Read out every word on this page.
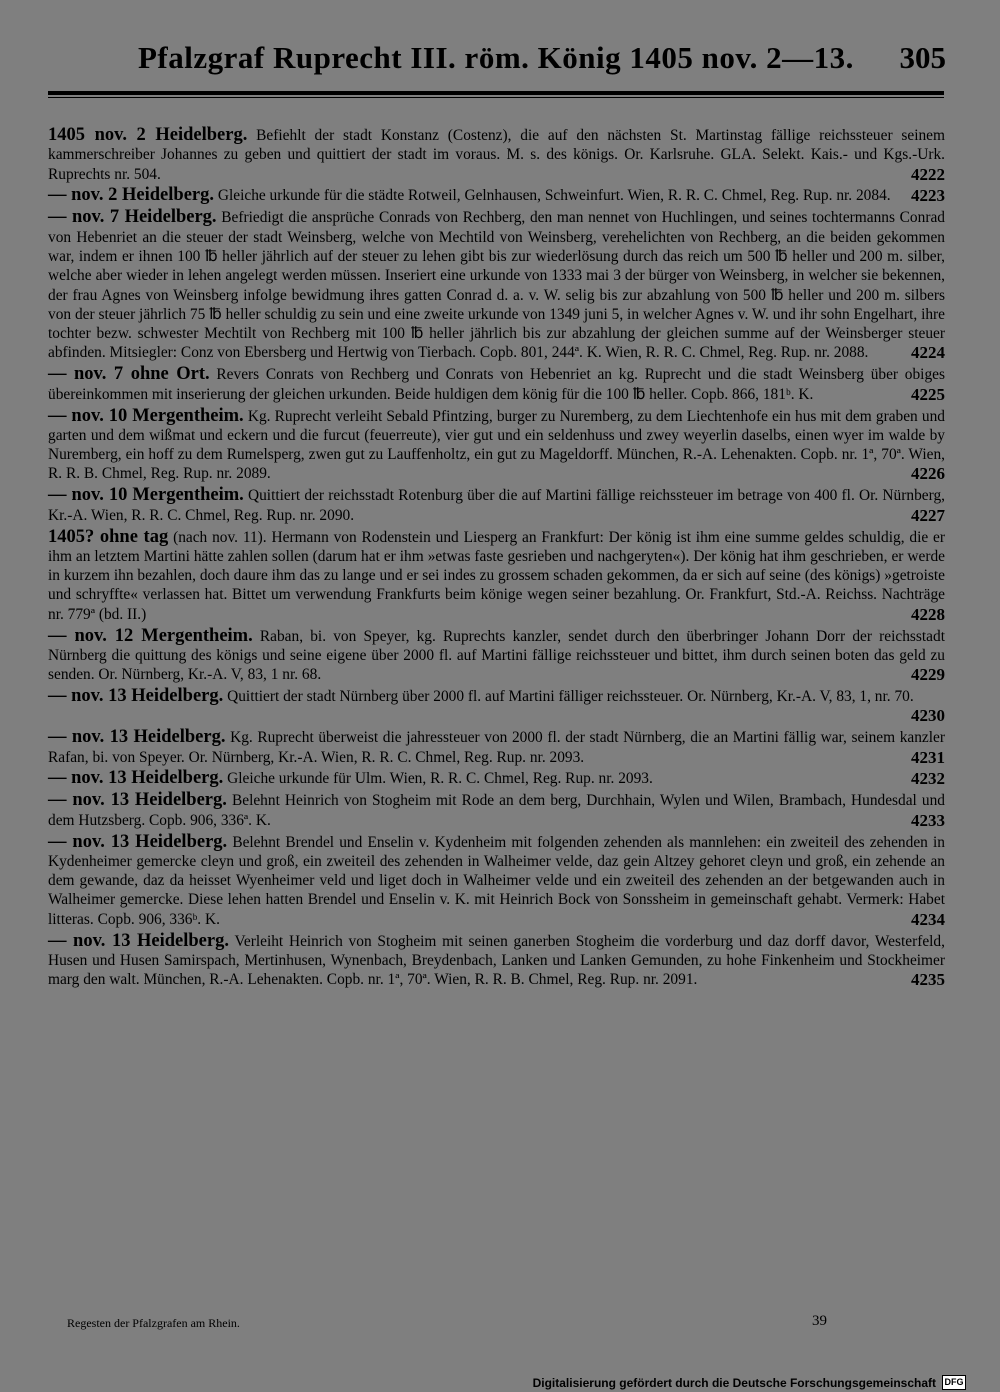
Pfalzgraf Ruprecht III. röm. König 1405 nov. 2—13. 305
1405 nov. 2 Heidelberg. Befiehlt der stadt Konstanz (Costenz), die auf den nächsten St. Martinstag fällige reichssteuer seinem kammerschreiber Johannes zu geben und quittiert der stadt im voraus. M. s. des königs. Or. Karlsruhe. GLA. Selekt. Kais.- und Kgs.-Urk. Ruprechts nr. 504.	4222
— nov. 2 Heidelberg. Gleiche urkunde für die städte Rotweil, Gelnhausen, Schweinfurt. Wien, R. R. C. Chmel, Reg. Rup. nr. 2084. 4223
— nov. 7 Heidelberg. Befriedigt die ansprüche Conrads von Rechberg, den man nennet von Huchlingen, und seines tochtermanns Conrad von Hebenriet an die steuer der stadt Weinsberg, welche von Mechtild von Weinsberg, verehelichten von Rechberg, an die beiden gekommen war, indem er ihnen 100 ℔ heller jährlich auf der steuer zu lehen gibt bis zur wiederlösung durch das reich um 500 ℔ heller und 200 m. silber, welche aber wieder in lehen angelegt werden müssen. Inseriert eine urkunde von 1333 mai 3 der bürger von Weinsberg, in welcher sie bekennen, der frau Agnes von Weinsberg infolge bewidmung ihres gatten Conrad d. a. v. W. selig bis zur abzahlung von 500 ℔ heller und 200 m. silbers von der steuer jährlich 75 ℔ heller schuldig zu sein und eine zweite urkunde von 1349 juni 5, in welcher Agnes v. W. und ihr sohn Engelhart, ihre tochter bezw. schwester Mechtilt von Rechberg mit 100 ℔ heller jährlich bis zur abzahlung der gleichen summe auf der Weinsberger steuer abfinden. Mitsiegler: Conz von Ebersberg und Hertwig von Tierbach. Copb. 801, 244ª. K. Wien, R. R. C. Chmel, Reg. Rup. nr. 2088.	4224
— nov. 7 ohne Ort. Revers Conrats von Rechberg und Conrats von Hebenriet an kg. Ruprecht und die stadt Weinsberg über obiges übereinkommen mit inserierung der gleichen urkunden. Beide huldigen dem könig für die 100 ℔ heller. Copb. 866, 181ᵇ. K.	4225
— nov. 10 Mergentheim. Kg. Ruprecht verleiht Sebald Pfintzing, burger zu Nuremberg, zu dem Liechtenhofe ein hus mit dem graben und garten und dem wißmat und eckern und die furcut (feuerreute), vier gut und ein seldenhuss und zwey weyerlin daselbs, einen wyer im walde by Nuremberg, ein hoff zu dem Rumelsperg, zwen gut zu Lauffenholtz, ein gut zu Mageldorff. München, R.-A. Lehenakten. Copb. nr. 1ª, 70ª. Wien, R. R. B. Chmel, Reg. Rup. nr. 2089.	4226
— nov. 10 Mergentheim. Quittiert der reichsstadt Rotenburg über die auf Martini fällige reichssteuer im betrage von 400 fl. Or. Nürnberg, Kr.-A. Wien, R. R. C. Chmel, Reg. Rup. nr. 2090.	4227
1405? ohne tag (nach nov. 11). Hermann von Rodenstein und Liesperg an Frankfurt: Der könig ist ihm eine summe geldes schuldig, die er ihm an letztem Martini hätte zahlen sollen (darum hat er ihm »etwas faste gesrieben und nachgeryten«). Der könig hat ihm geschrieben, er werde in kurzem ihn bezahlen, doch daure ihm das zu lange und er sei indes zu grossem schaden gekommen, da er sich auf seine (des königs) »getroiste und schryffte« verlassen hat. Bittet um verwendung Frankfurts beim könige wegen seiner bezahlung. Or. Frankfurt, Std.-A. Reichss. Nachträge nr. 779ª (bd. II.)	4228
— nov. 12 Mergentheim. Raban, bi. von Speyer, kg. Ruprechts kanzler, sendet durch den überbringer Johann Dorr der reichsstadt Nürnberg die quittung des königs und seine eigene über 2000 fl. auf Martini fällige reichssteuer und bittet, ihm durch seinen boten das geld zu senden. Or. Nürnberg, Kr.-A. V, 83, 1 nr. 68.	4229
— nov. 13 Heidelberg. Quittiert der stadt Nürnberg über 2000 fl. auf Martini fälliger reichssteuer. Or. Nürnberg, Kr.-A. V, 83, 1, nr. 70.
4230
— nov. 13 Heidelberg. Kg. Ruprecht überweist die jahressteuer von 2000 fl. der stadt Nürnberg, die an Martini fällig war, seinem kanzler Rafan, bi. von Speyer. Or. Nürnberg, Kr.-A. Wien, R. R. C. Chmel, Reg. Rup. nr. 2093.	4231
— nov. 13 Heidelberg. Gleiche urkunde für Ulm. Wien, R. R. C. Chmel, Reg. Rup. nr. 2093.	4232
— nov. 13 Heidelberg. Belehnt Heinrich von Stogheim mit Rode an dem berg, Durchhain, Wylen und Wilen, Brambach, Hundesdal und dem Hutzsberg. Copb. 906, 336ª. K.	4233
— nov. 13 Heidelberg. Belehnt Brendel und Enselin v. Kydenheim mit folgenden zehenden als mannlehen: ein zweiteil des zehenden in Kydenheimer gemercke cleyn und groß, ein zweiteil des zehenden in Walheimer velde, daz gein Altzey gehoret cleyn und groß, ein zehende an dem gewande, daz da heisset Wyenheimer veld und liget doch in Walheimer velde und ein zweiteil des zehenden an der betgewanden auch in Walheimer gemercke. Diese lehen hatten Brendel und Enselin v. K. mit Heinrich Bock von Sonssheim in gemeinschaft gehabt. Vermerk: Habet litteras. Copb. 906, 336ᵇ. K.	4234
— nov. 13 Heidelberg. Verleiht Heinrich von Stogheim mit seinen ganerben Stogheim die vorderburg und daz dorff davor, Westerfeld, Husen und Husen Samirspach, Mertinhusen, Wynenbach, Breydenbach, Lanken und Lanken Gemunden, zu hohe Finkenheim und Stockheimer marg den walt. München, R.-A. Lehenakten. Copb. nr. 1ª, 70ª. Wien, R. R. B. Chmel, Reg. Rup. nr. 2091.	4235
Regesten der Pfalzgrafen am Rhein.	39
Digitalisierung gefördert durch die Deutsche Forschungsgemeinschaft DFG
